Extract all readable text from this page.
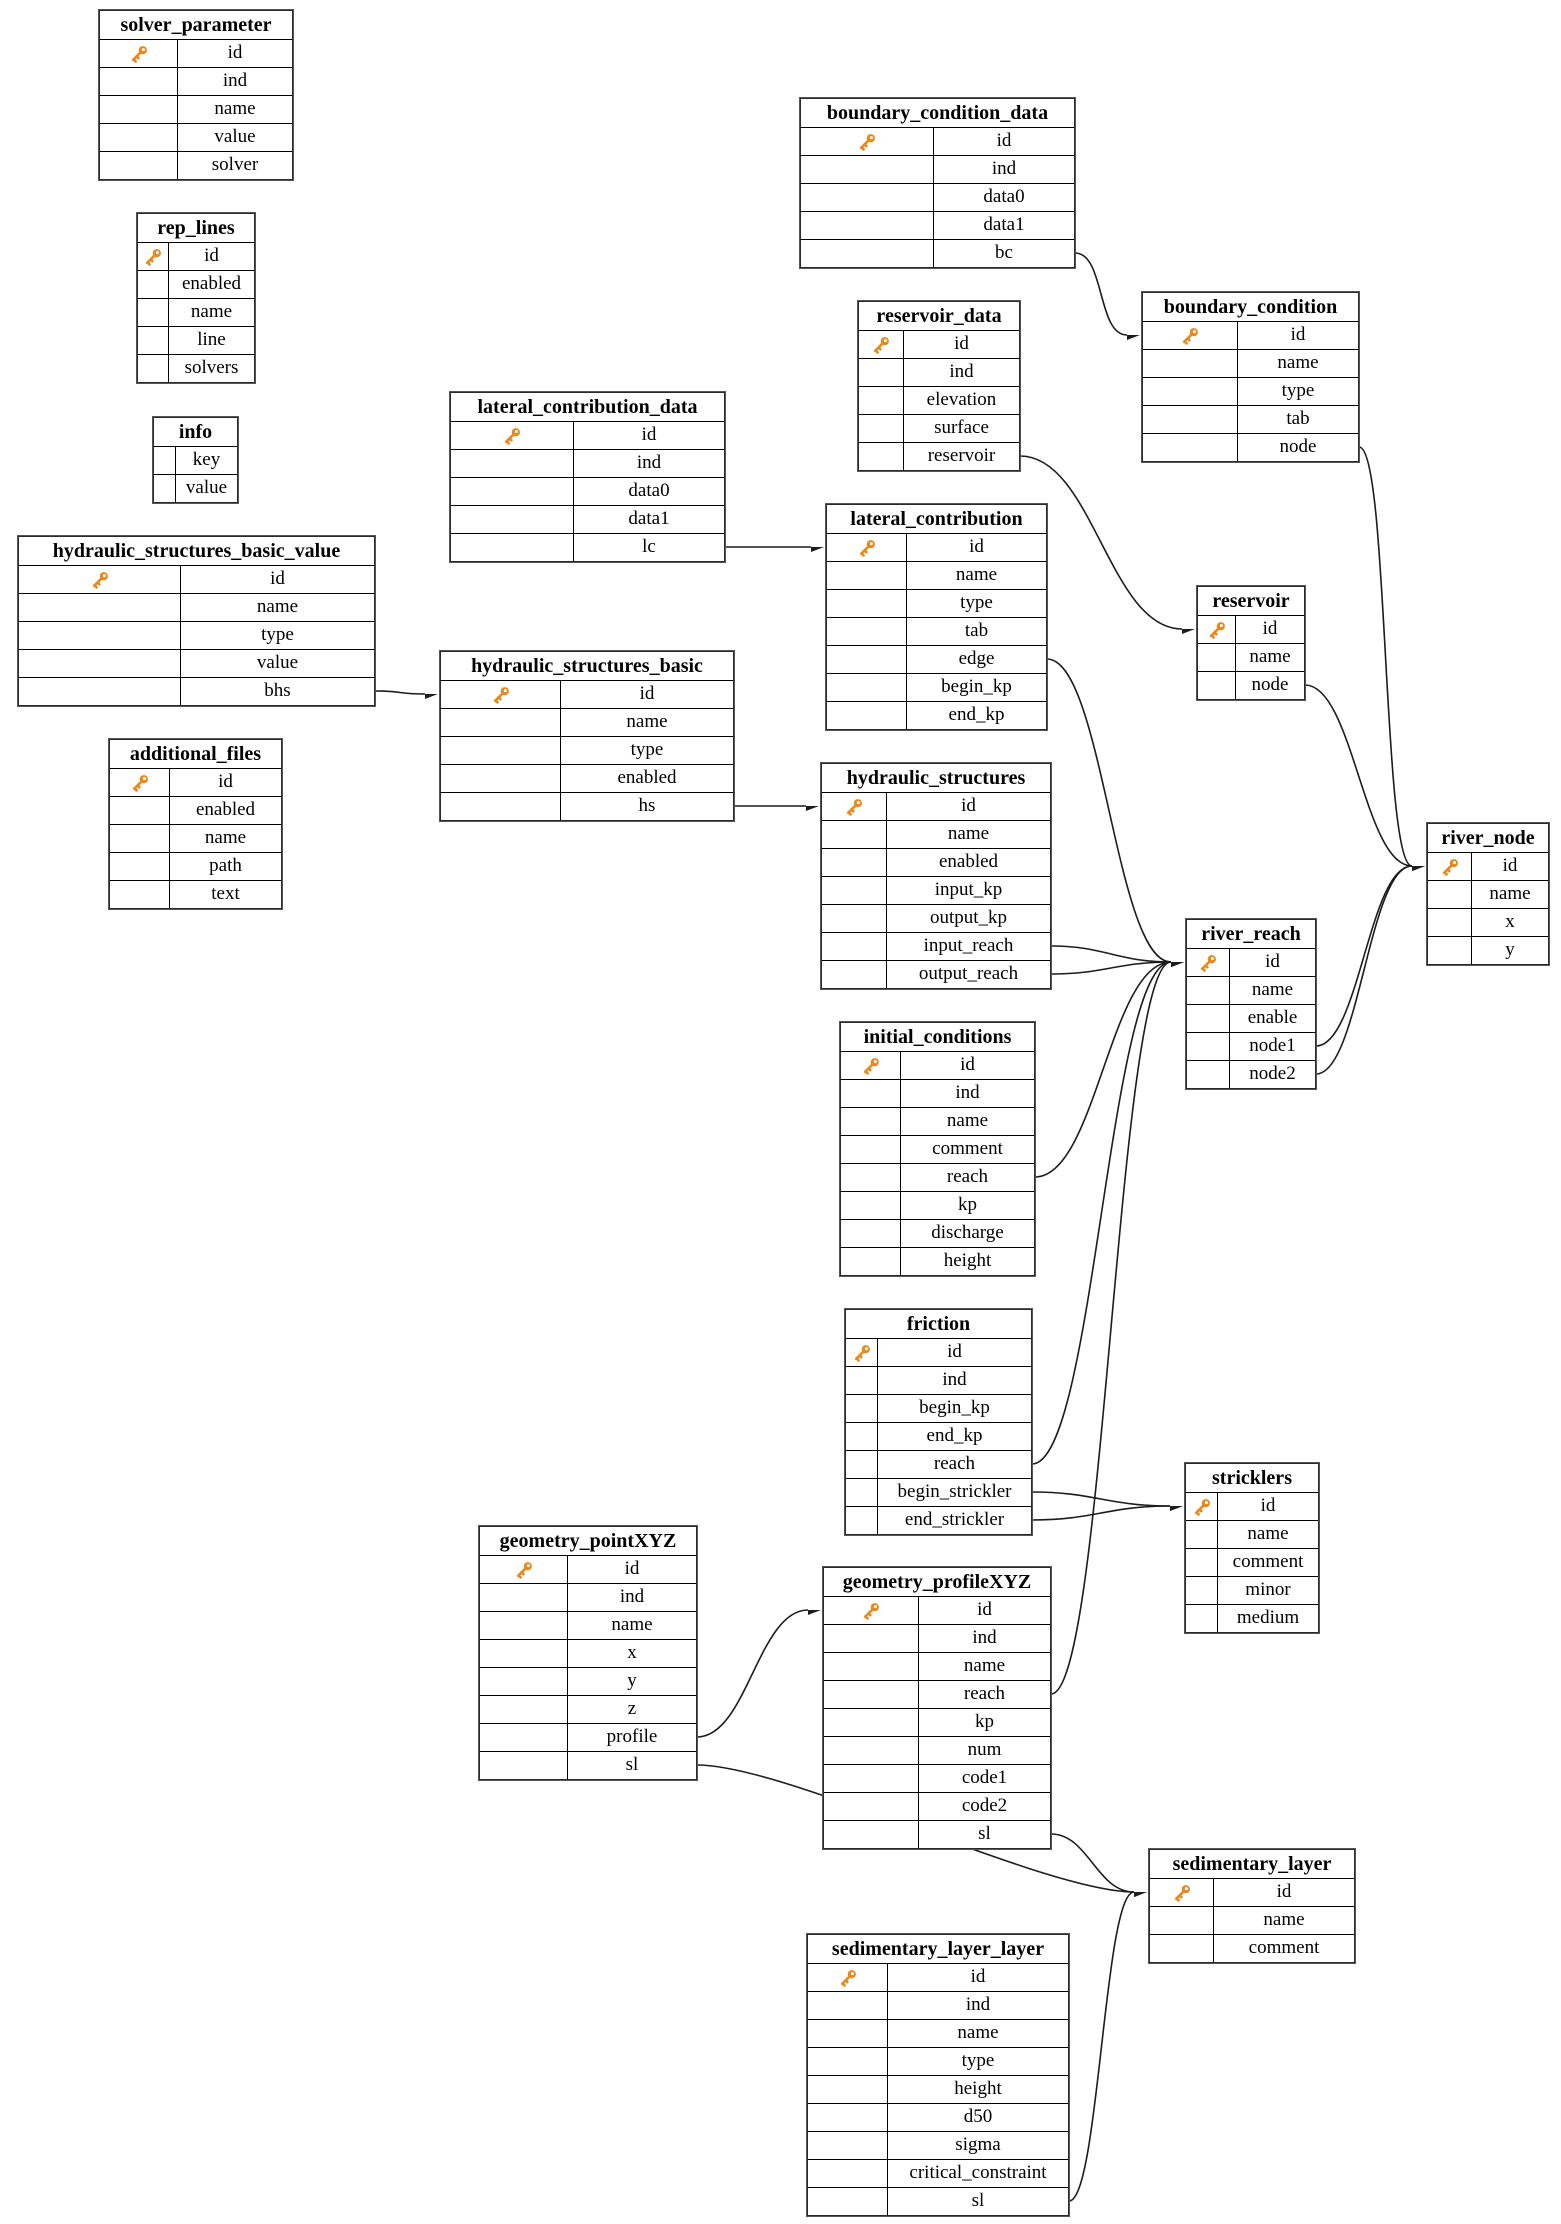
solver_parameter
id
ind
name
value
solver
rep_lines
id
enabled
name
line
solvers
info
key
value
hydraulic_structures_basic_value
id
name
type
value
bhs
additional_files
id
enabled
name
path
text
lateral_contribution_data
id
ind
data0
data1
lc
hydraulic_structures_basic
id
name
type
enabled
hs
boundary_condition_data
id
ind
data0
data1
bc
reservoir_data
id
ind
elevation
surface
reservoir
boundary_condition
id
name
type
tab
node
lateral_contribution
id
name
type
tab
edge
begin_kp
end_kp
reservoir
id
name
node
hydraulic_structures
id
name
enabled
input_kp
output_kp
input_reach
output_reach
river_reach
id
name
enable
node1
node2
river_node
id
name
x
y
initial_conditions
id
ind
name
comment
reach
kp
discharge
height
friction
id
ind
begin_kp
end_kp
reach
begin_strickler
end_strickler
stricklers
id
name
comment
minor
medium
geometry_pointXYZ
id
ind
name
x
y
z
profile
sl
geometry_profileXYZ
id
ind
name
reach
kp
num
code1
code2
sl
sedimentary_layer
id
name
comment
sedimentary_layer_layer
id
ind
name
type
height
d50
sigma
critical_constraint
sl
